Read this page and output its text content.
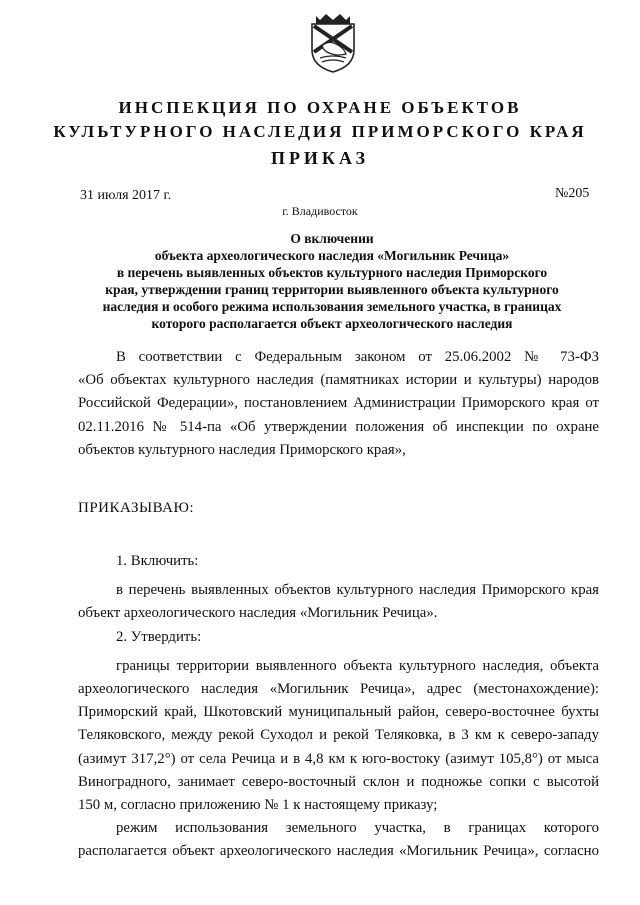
ИНСПЕКЦИЯ ПО ОХРАНЕ ОБЪЕКТОВ
КУЛЬТУРНОГО НАСЛЕДИЯ ПРИМОРСКОГО КРАЯ
ПРИКАЗ
31 июля 2017 г.	№205
г. Владивосток
О включении
объекта археологического наследия «Могильник Речица»
в перечень выявленных объектов культурного наследия Приморского
края, утверждении границ территории выявленного объекта культурного
наследия и особого режима использования земельного участка, в границах
которого располагается объект археологического наследия
В соответствии с Федеральным законом от 25.06.2002 № 73-ФЗ
«Об объектах культурного наследия (памятниках истории и культуры) народов
Российской Федерации», постановлением Администрации Приморского края от
02.11.2016 № 514-па «Об утверждении положения об инспекции по охране
объектов культурного наследия Приморского края»,
ПРИКАЗЫВАЮ:
1. Включить:
в перечень выявленных объектов культурного наследия Приморского края
объект археологического наследия «Могильник Речица».
2. Утвердить:
границы территории выявленного объекта культурного наследия, объекта
археологического наследия «Могильник Речица», адрес (местонахождение):
Приморский край, Шкотовский муниципальный район, северо-восточнее бухты
Теляковского, между рекой Суходол и рекой Теляковка, в 3 км к северо-западу
(азимут 317,2°) от села Речица и в 4,8 км к юго-востоку (азимут 105,8°) от мыса
Виноградного, занимает северо-восточный склон и подножье сопки с высотой
150 м, согласно приложению № 1 к настоящему приказу;
режим использования земельного участка, в границах которого
располагается объект археологического наследия «Могильник Речица», согласно
